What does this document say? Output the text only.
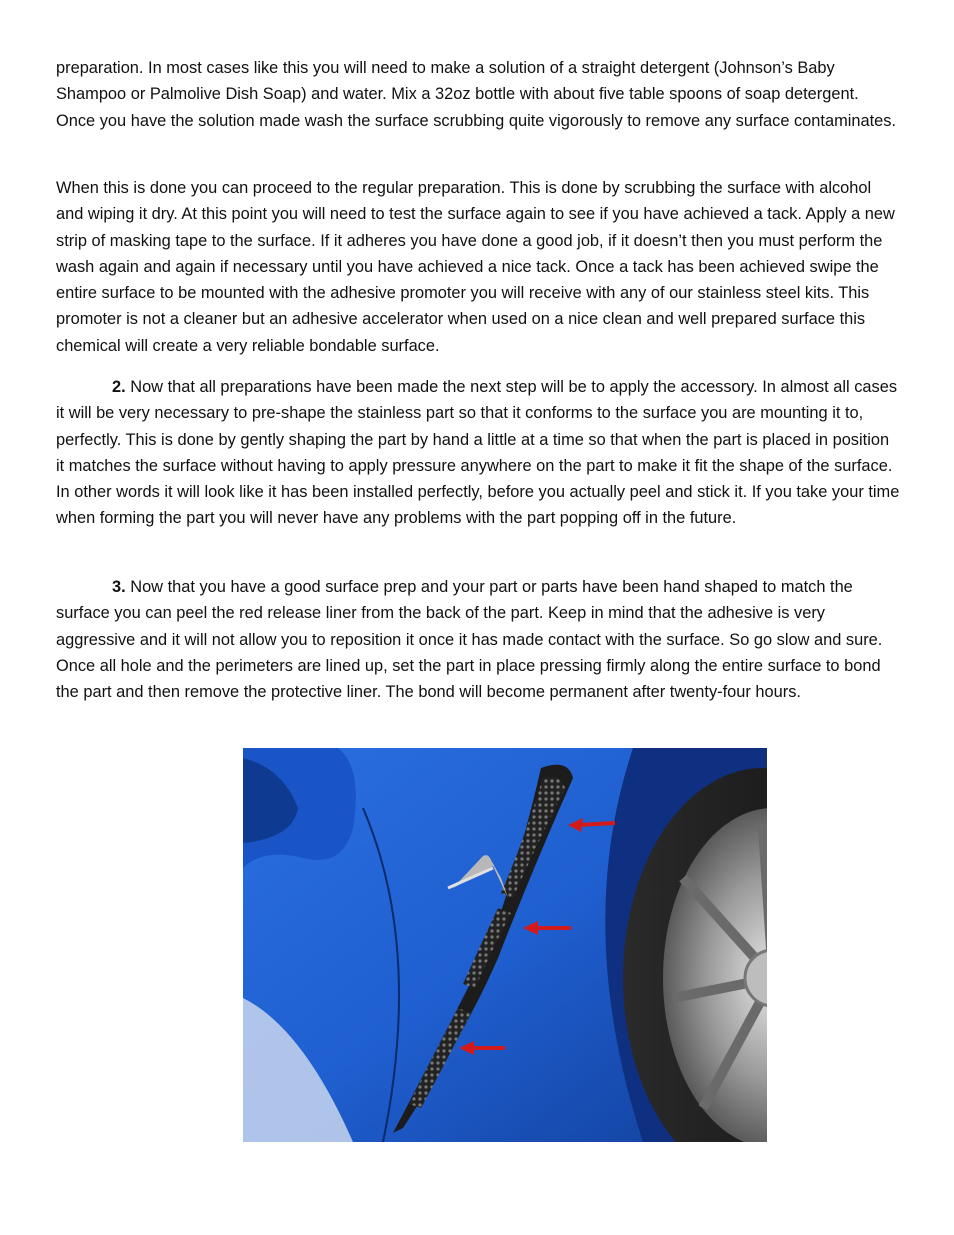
preparation. In most cases like this you will need to make a solution of a straight detergent (Johnson’s Baby Shampoo or Palmolive Dish Soap) and water. Mix a 32oz bottle with about five table spoons of soap detergent. Once you have the solution made wash the surface scrubbing quite vigorously to remove any surface contaminates.

When this is done you can proceed to the regular preparation. This is done by scrubbing the surface with alcohol and wiping it dry. At this point you will need to test the surface again to see if you have achieved a tack. Apply a new strip of masking tape to the surface. If it adheres you have done a good job, if it doesn’t then you must perform the wash again and again if necessary until you have achieved a nice tack. Once a tack has been achieved swipe the entire surface to be mounted with the adhesive promoter you will receive with any of our stainless steel kits. This promoter is not a cleaner but an adhesive accelerator when used on a nice clean and well prepared surface this chemical will create a very reliable bondable surface.

2. Now that all preparations have been made the next step will be to apply the accessory. In almost all cases it will be very necessary to pre-shape the stainless part so that it conforms to the surface you are mounting it to, perfectly. This is done by gently shaping the part by hand a little at a time so that when the part is placed in position it matches the surface without having to apply pressure anywhere on the part to make it fit the shape of the surface. In other words it will look like it has been installed perfectly, before you actually peel and stick it. If you take your time when forming the part you will never have any problems with the part popping off in the future.

3. Now that you have a good surface prep and your part or parts have been hand shaped to match the surface you can peel the red release liner from the back of the part. Keep in mind that the adhesive is very aggressive and it will not allow you to reposition it once it has made contact with the surface. So go slow and sure. Once all hole and the perimeters are lined up, set the part in place pressing firmly along the entire surface to bond the part and then remove the protective liner. The bond will become permanent after twenty-four hours.
